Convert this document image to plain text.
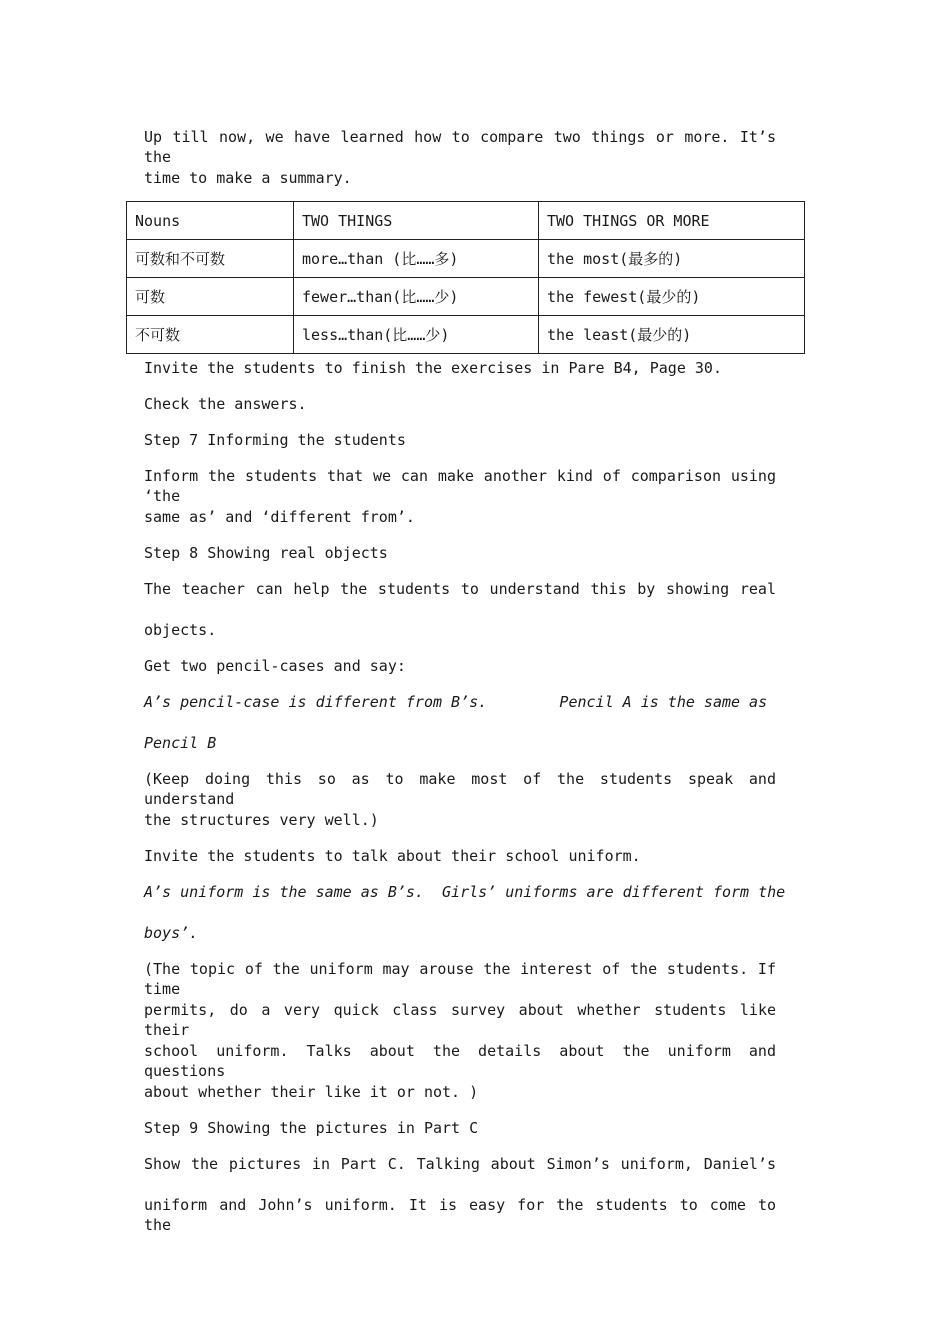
Up till now, we have learned how to compare two things or more. It’s the
time to make a summary.
Nouns	TWO THINGS	TWO THINGS OR MORE
可数和不可数	more…than (比……多)	the most(最多的)
可数	fewer…than(比……少)	the fewest(最少的)
不可数	less…than(比……少)	the least(最少的)
Invite the students to finish the exercises in Pare B4, Page 30.
Check the answers.
Step 7 Informing the students
Inform the students that we can make another kind of comparison using ‘the
same as’ and ‘different from’.
Step 8 Showing real objects
The teacher can help the students to understand this by showing real
objects.
Get two pencil-cases and say:
A’s pencil-case is different from B’s.        Pencil A is the same as
Pencil B
(Keep doing this so as to make most of the students speak and understand
the structures very well.)
Invite the students to talk about their school uniform.
A’s uniform is the same as B’s.  Girls’ uniforms are different form the
boys’.
(The topic of the uniform may arouse the interest of the students. If time
permits, do a very quick class survey about whether students like their
school uniform. Talks about the details about the uniform and questions
about whether their like it or not. )
Step 9 Showing the pictures in Part C
Show the pictures in Part C. Talking about Simon’s uniform, Daniel’s
uniform and John’s uniform. It is easy for the students to come to the
